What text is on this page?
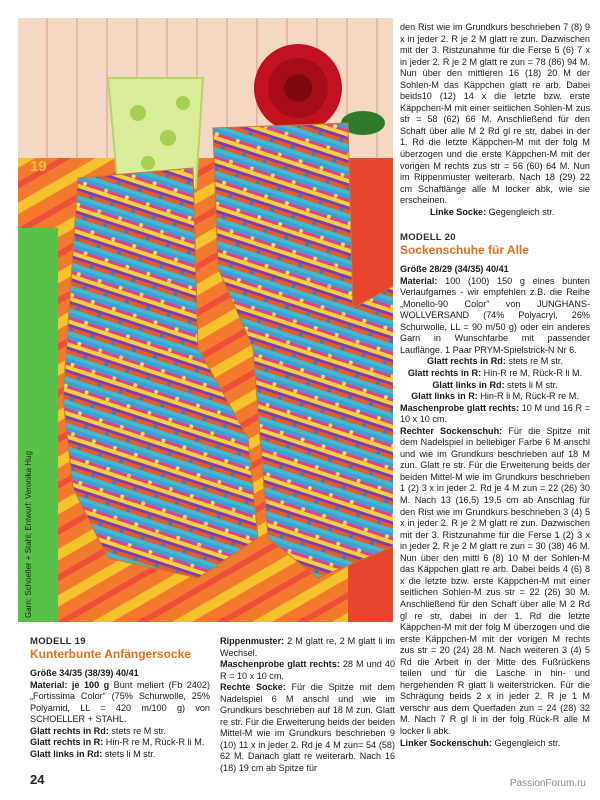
19
Garn: Schoeller + Stahl; Entwurf: Veronika Hug

den Rist wie im Grundkurs beschrieben 7 (8) 9 x in jeder 2. R je 2 M glatt re zun. Dazwischen mit der 3. Ristzunahme für die Ferse 5 (6) 7 x in jeder 2. R je 2 M glatt re zun = 78 (86) 94 M. Nun über den mittleren 16 (18) 20 M der Sohlen-M das Käppchen glatt re arb. Dabei beids10 (12) 14 x die letzte bzw. erste Käppchen-M mit einer seitlichen Sohlen-M zus str = 58 (62) 66 M. Anschließend für den Schaft über alle M 2 Rd gl re str, dabei in der 1. Rd die letzte Käppchen-M mit der folg M überzogen und die erste Käppchen-M mit der vorigen M rechts zus str = 56 (60) 64 M. Nun im Rippenmuster weiterarb. Nach 18 (29) 22 cm Schaftlänge alle M locker abk, wie sie erscheinen.

Linke Socke: Gegengleich str.

MODELL 20
Sockenschuhe für Alle

Größe 28/29 (34/35) 40/41

Material: 100 (100) 150 g eines bunten Verlaufgarnes - wir empfehlen z.B. die Reihe „Monello-90 Color“ von JUNGHANS-WOLLVERSAND (74% Polyacryl, 26% Schurwolle, LL = 90 m/50 g) oder ein anderes Garn in Wunschfarbe mit passender Lauflänge. 1 Paar PRYM-Spielstrick-N Nr 6.

Glatt rechts in Rd: stets re M str.

Glatt rechts in R: Hin-R re M, Rück-R li M.

Glatt links in Rd: stets li M str.

Glatt links in R: Hin-R li M, Rück-R re M.

Maschenprobe glatt rechts: 10 M und 16 R = 10 x 10 cm.

Rechter Sockenschuh: Für die Spitze mit dem Nadelspiel in beliebiger Farbe 6 M anschl und wie im Grundkurs beschrieben auf 18 M zun. Glatt re str. Für die Erweiterung beids der beiden Mittel-M wie im Grundkurs beschrieben 1 (2) 3 x in jeder 2. Rd je 4 M zun = 22 (26) 30 M. Nach 13 (16,5) 19,5 cm ab Anschlag für den Rist wie im Grundkurs beschrieben 3 (4) 5 x in jeder 2. R je 2 M glatt re zun. Dazwischen mit der 3. Ristzunahme für die Ferse 1 (2) 3 x in jeder 2. R je 2 M glatt re zun = 30 (38) 46 M. Nun über den mittl 6 (8) 10 M der Sohlen-M das Käppchen glatt re arb. Dabei beids 4 (6) 8 x die letzte bzw. erste Käppchen-M mit einer seitlichen Sohlen-M zus str = 22 (26) 30 M. Anschließend für den Schaft über alle M 2 Rd gl re str, dabei in der 1. Rd die letzte Käppchen-M mit der folg M überzogen und die erste Käppchen-M mit der vorigen M rechts zus str = 20 (24) 28 M. Nach weiteren 3 (4) 5 Rd die Arbeit in der Mitte des Fußrückens teilen und für die Lasche in hin- und hergehenden R glatt li weiterstricken. Für die Schrägung beids 2 x in jeder 2. R je 1 M verschr aus dem Querfaden zun = 24 (28) 32 M. Nach 7 R gl li in der folg Rück-R alle M locker li abk.

Linker Sockenschuh: Gegengleich str.

MODELL 19
Kunterbunte Anfängersocke

Größe 34/35 (38/39) 40/41

Material: je 100 g Bunt meliert (Fb 2402) „Fortissima Color“ (75% Schurwolle, 25% Polyamid, LL = 420 m/100 g) von SCHOELLER + STAHL.

Glatt rechts in Rd: stets re M str.

Glatt rechts in R: Hin-R re M, Rück-R li M.

Glatt links in Rd: stets li M str.

Rippenmuster: 2 M glatt re, 2 M glatt li im Wechsel.

Maschenprobe glatt rechts: 28 M und 40 R = 10 x 10 cm.

Rechte Socke: Für die Spitze mit dem Nadelspiel 6 M anschl und wie im Grundkurs beschrieben auf 18 M zun. Glatt re str. Für die Erweiterung beids der beiden Mittel-M wie im Grundkurs beschrieben 9 (10) 11 x in jeder 2. Rd je 4 M zun= 54 (58) 62 M. Danach glatt re weiterarb. Nach 16 (18) 19 cm ab Spitze für

24	PassionForum.ru
